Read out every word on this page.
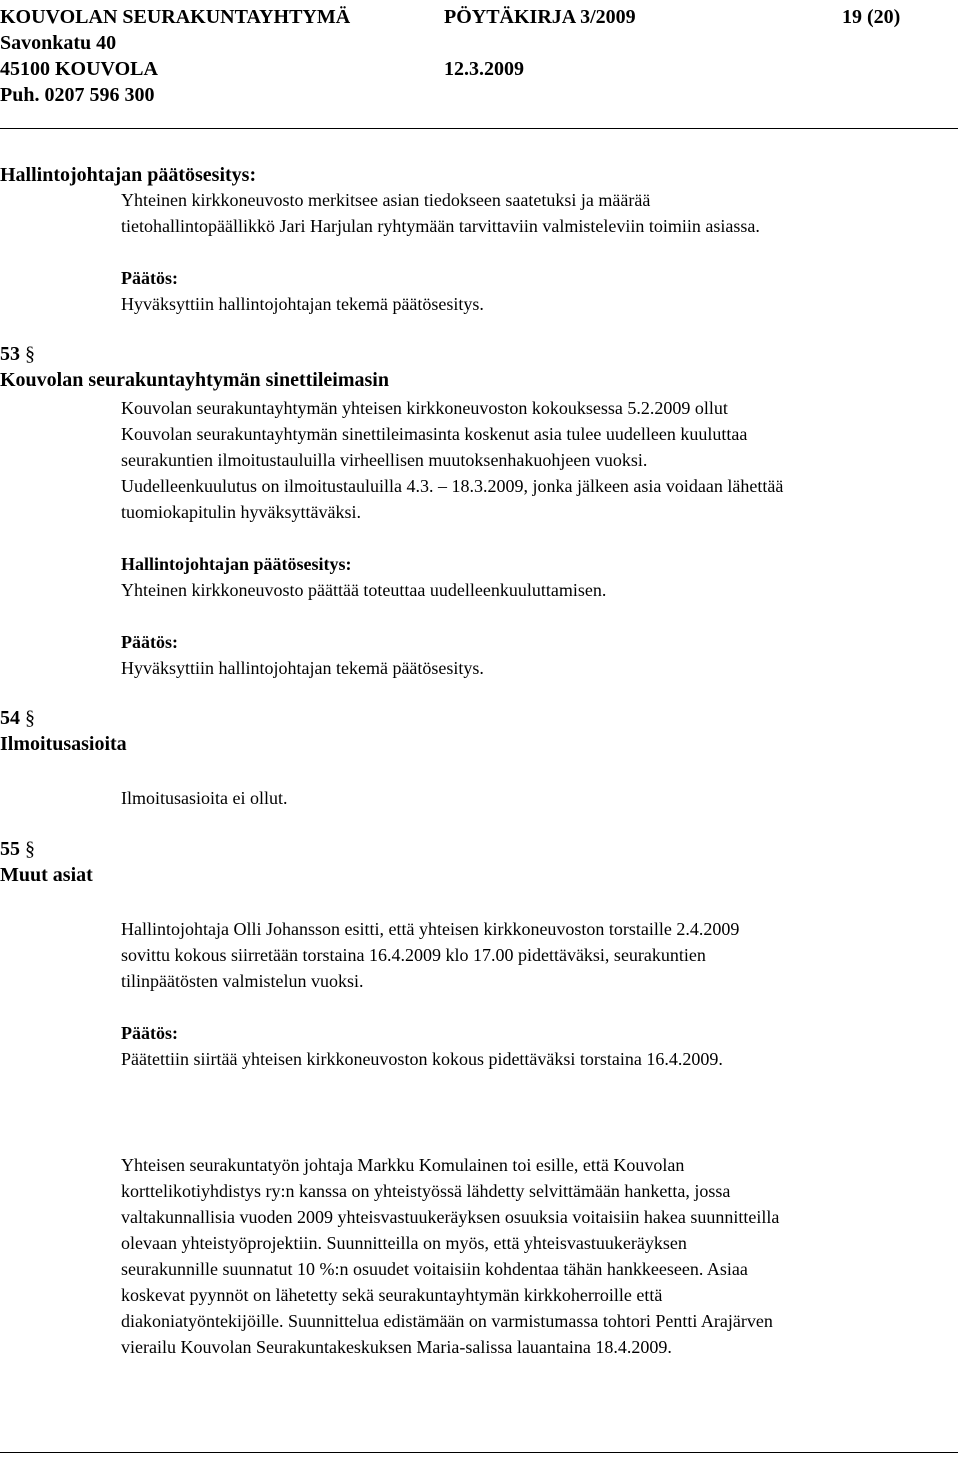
KOUVOLAN SEURAKUNTAYHTYMÄ	PÖYTÄKIRJA 3/2009	19 (20)
Savonkatu 40
45100 KOUVOLA	12.3.2009
Puh. 0207 596 300
Hallintojohtajan päätösesitys:
Yhteinen kirkkoneuvosto merkitsee asian tiedokseen saatetuksi ja määrää
tietohallintopäällikkö Jari Harjulan ryhtymään tarvittaviin valmisteleviin toimiin asiassa.
Päätös:
Hyväksyttiin hallintojohtajan tekemä päätösesitys.
53 §
Kouvolan seurakuntayhtymän sinettileimasin
Kouvolan seurakuntayhtymän yhteisen kirkkoneuvoston kokouksessa 5.2.2009 ollut
Kouvolan seurakuntayhtymän sinettileimasinta koskenut asia tulee uudelleen kuuluttaa
seurakuntien ilmoitustauluilla virheellisen muutoksenhakuohjeen vuoksi.
Uudelleenkuulutus on ilmoitustauluilla 4.3. – 18.3.2009, jonka jälkeen asia voidaan lähettää
tuomiokapitulin hyväksyttäväksi.
Hallintojohtajan päätösesitys:
Yhteinen kirkkoneuvosto päättää toteuttaa uudelleenkuuluttamisen.
Päätös:
Hyväksyttiin hallintojohtajan tekemä päätösesitys.
54 §
Ilmoitusasioita
Ilmoitusasioita ei ollut.
55 §
Muut asiat
Hallintojohtaja Olli Johansson esitti, että yhteisen kirkkoneuvoston torstaille 2.4.2009
sovittu kokous siirretään torstaina 16.4.2009 klo 17.00 pidettäväksi, seurakuntien
tilinpäätösten valmistelun vuoksi.
Päätös:
Päätettiin siirtää yhteisen kirkkoneuvoston kokous pidettäväksi torstaina 16.4.2009.
Yhteisen seurakuntatyön johtaja Markku Komulainen toi esille, että Kouvolan
korttelikotiyhdistys ry:n kanssa on yhteistyössä lähdetty selvittämään hanketta, jossa
valtakunnallisia vuoden 2009 yhteisvastuukeräyksen osuuksia voitaisiin hakea suunnitteilla
olevaan yhteistyöprojektiin. Suunnitteilla on myös, että yhteisvastuukeräyksen
seurakunnille suunnatut 10 %:n osuudet voitaisiin kohdentaa tähän hankkeeseen. Asiaa
koskevat pyynnöt on lähetetty sekä seurakuntayhtymän kirkkoherroille että
diakoniatyöntekijöille. Suunnittelua edistämään on varmistumassa tohtori Pentti Arajärven
vierailu Kouvolan Seurakuntakeskuksen Maria-salissa lauantaina 18.4.2009.
